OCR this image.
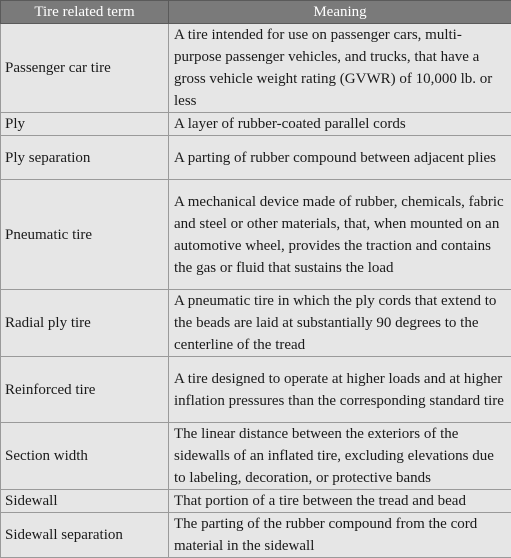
Tire related term	Meaning
Passenger car tire	A tire intended for use on passenger cars, multi-purpose passenger vehicles, and trucks, that have a gross vehicle weight rating (GVWR) of 10,000 lb. or less
Ply	A layer of rubber-coated parallel cords
Ply separation	A parting of rubber compound between adjacent plies
Pneumatic tire	A mechanical device made of rubber, chemicals, fabric and steel or other materials, that, when mounted on an automotive wheel, provides the traction and contains the gas or fluid that sustains the load
Radial ply tire	A pneumatic tire in which the ply cords that extend to the beads are laid at substantially 90 degrees to the centerline of the tread
Reinforced tire	A tire designed to operate at higher loads and at higher inflation pressures than the corresponding standard tire
Section width	The linear distance between the exteriors of the sidewalls of an inflated tire, excluding elevations due to labeling, decoration, or protective bands
Sidewall	That portion of a tire between the tread and bead
Sidewall separation	The parting of the rubber compound from the cord material in the sidewall
